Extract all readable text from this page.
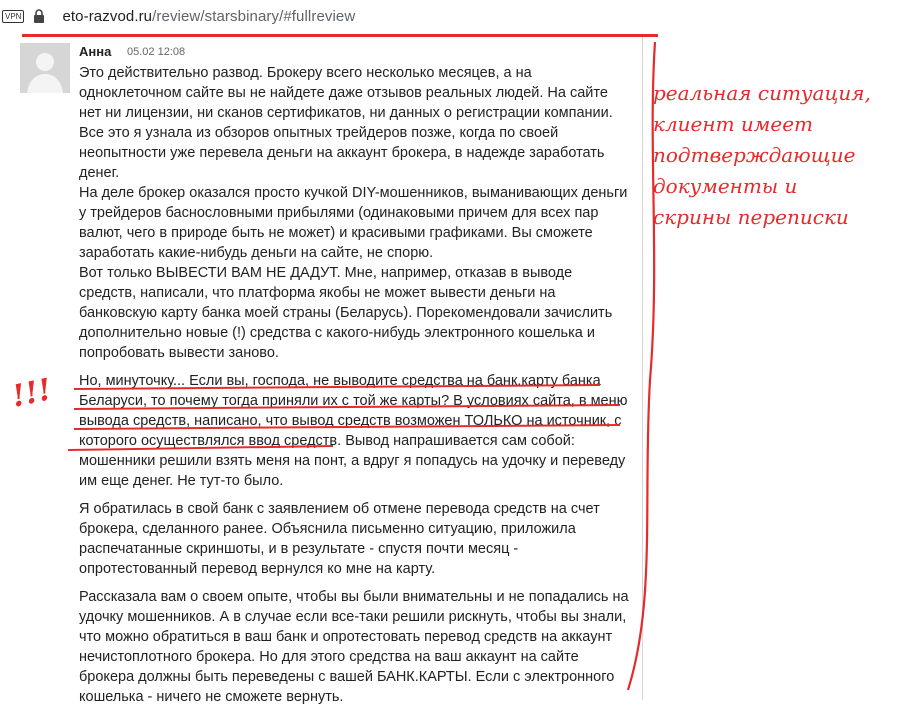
VPN	eto-razvod.ru/review/starsbinary/#fullreview
Анна 05.02 12:08

Это действительно развод. Брокеру всего несколько месяцев, а на одноклеточном сайте вы не найдете даже отзывов реальных людей. На сайте нет ни лицензии, ни сканов сертификатов, ни данных о регистрации компании. Все это я узнала из обзоров опытных трейдеров позже, когда по своей неопытности уже перевела деньги на аккаунт брокера, в надежде заработать денег.

На деле брокер оказался просто кучкой DIY-мошенников, выманивающих деньги у трейдеров баснословными прибылями (одинаковыми причем для всех пар валют, чего в природе быть не может) и красивыми графиками. Вы сможете заработать какие-нибудь деньги на сайте, не спорю.

Вот только ВЫВЕСТИ ВАМ НЕ ДАДУТ. Мне, например, отказав в выводе средств, написали, что платформа якобы не может вывести деньги на банковскую карту банка моей страны (Беларусь). Порекомендовали зачислить дополнительно новые (!) средства с какого-нибудь электронного кошелька и попробовать вывести заново.

Но, минуточку... Если вы, господа, не выводите средства на банк.карту банка Беларуси, то почему тогда приняли их с той же карты? В условиях сайта, в меню вывода средств, написано, что вывод средств возможен ТОЛЬКО на источник, с которого осуществлялся ввод средств. Вывод напрашивается сам собой: мошенники решили взять меня на понт, а вдруг я попадусь на удочку и переведу им еще денег. Не тут-то было.

Я обратилась в свой банк с заявлением об отмене перевода средств на счет брокера, сделанного ранее. Объяснила письменно ситуацию, приложила распечатанные скриншоты, и в результате - спустя почти месяц - опротестованный перевод вернулся ко мне на карту.

Рассказала вам о своем опыте, чтобы вы были внимательны и не попадались на удочку мошенников. А в случае если все-таки решили рискнуть, чтобы вы знали, что можно обратиться в ваш банк и опротестовать перевод средств на аккаунт нечистоплотного брокера. Но для этого средства на ваш аккаунт на сайте брокера должны быть переведены с вашей БАНК.КАРТЫ. Если с электронного кошелька - ничего не сможете вернуть.

реальная ситуация,
клиент имеет
подтверждающие
документы и
скрины переписки
!!!
